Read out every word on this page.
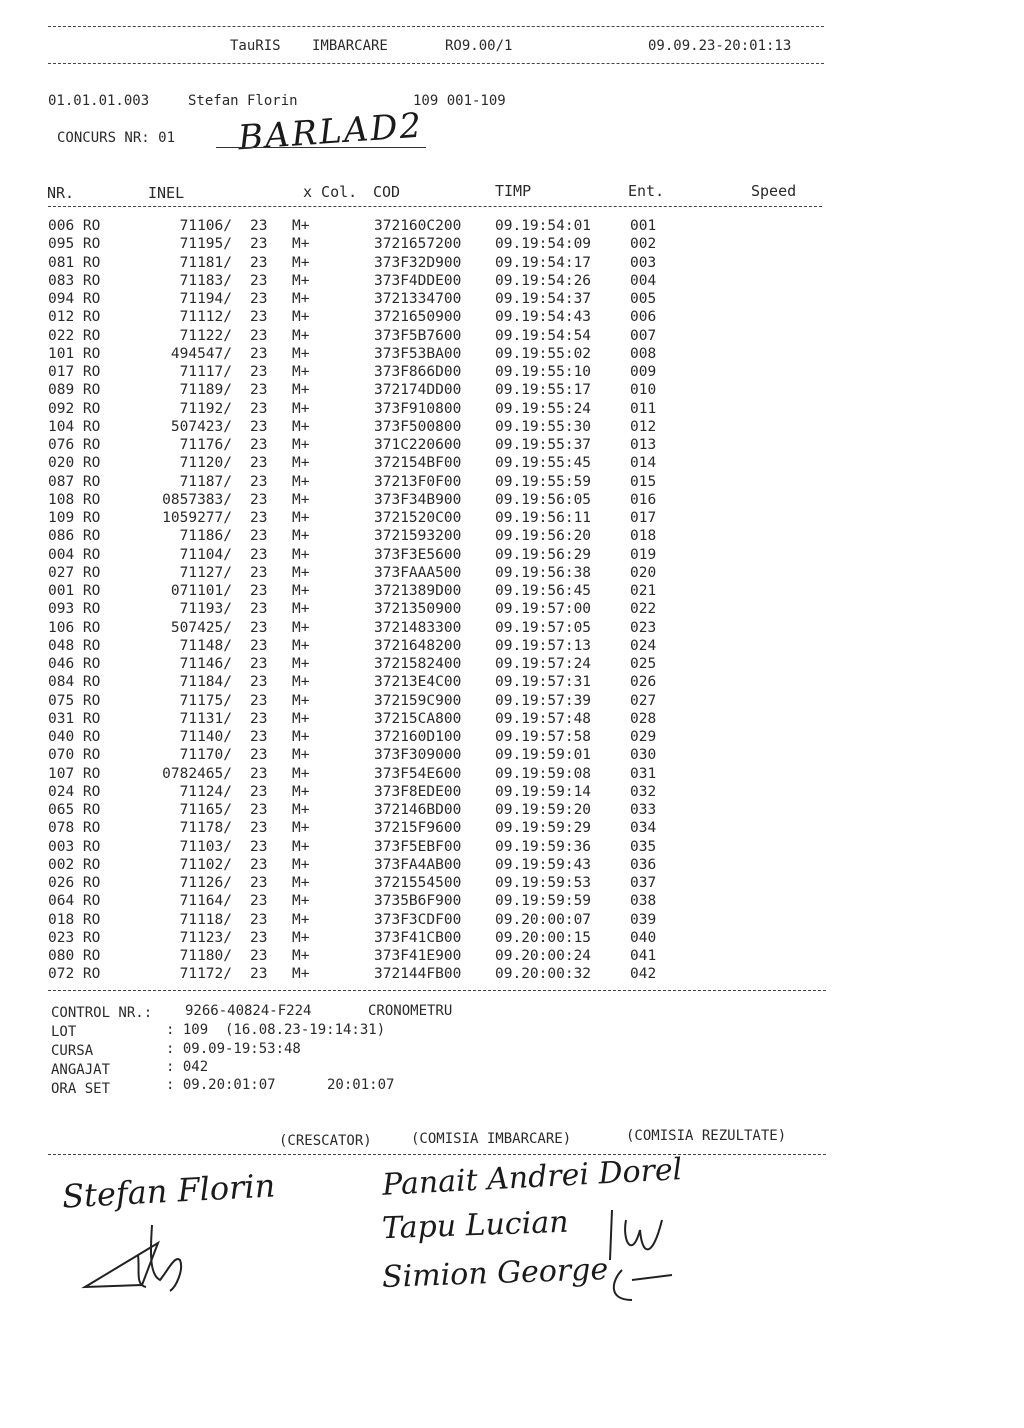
TauRIS IMBARCARE	RO9.00/1	09.09.23-20:01:13
01.01.01.003	Stefan Florin	109 001-109
CONCURS NR: 01 BARLAD2
NR.	INEL	x Col. COD	TIMP	Ent.	Speed
006 RO	71106/ 23 M+	372160C200 09.19:54:01	001
095 RO	71195/ 23 M+	3721657200 09.19:54:09	002
081 RO	71181/ 23 M+	373F32D900 09.19:54:17	003
083 RO	71183/ 23 M+	373F4DDE00 09.19:54:26	004
094 RO	71194/ 23 M+	3721334700 09.19:54:37	005
012 RO	71112/ 23 M+	3721650900 09.19:54:43	006
022 RO	71122/ 23 M+	373F5B7600 09.19:54:54	007
101 RO	494547/ 23 M+	373F53BA00 09.19:55:02	008
017 RO	71117/ 23 M+	373F866D00 09.19:55:10	009
089 RO	71189/ 23 M+	372174DD00 09.19:55:17	010
092 RO	71192/ 23 M+	373F910800 09.19:55:24	011
104 RO	507423/ 23 M+	373F500800 09.19:55:30	012
076 RO	71176/ 23 M+	371C220600 09.19:55:37	013
020 RO	71120/ 23 M+	372154BF00 09.19:55:45	014
087 RO	71187/ 23 M+	37213F0F00 09.19:55:59	015
108 RO	0857383/ 23 M+	373F34B900 09.19:56:05	016
109 RO	1059277/ 23 M+	3721520C00 09.19:56:11	017
086 RO	71186/ 23 M+	3721593200 09.19:56:20	018
004 RO	71104/ 23 M+	373F3E5600 09.19:56:29	019
027 RO	71127/ 23 M+	373FAAA500 09.19:56:38	020
001 RO	071101/ 23 M+	3721389D00 09.19:56:45	021
093 RO	71193/ 23 M+	3721350900 09.19:57:00	022
106 RO	507425/ 23 M+	3721483300 09.19:57:05	023
048 RO	71148/ 23 M+	3721648200 09.19:57:13	024
046 RO	71146/ 23 M+	3721582400 09.19:57:24	025
084 RO	71184/ 23 M+	37213E4C00 09.19:57:31	026
075 RO	71175/ 23 M+	372159C900 09.19:57:39	027
031 RO	71131/ 23 M+	37215CA800 09.19:57:48	028
040 RO	71140/ 23 M+	372160D100 09.19:57:58	029
070 RO	71170/ 23 M+	373F309000 09.19:59:01	030
107 RO	0782465/ 23 M+	373F54E600 09.19:59:08	031
024 RO	71124/ 23 M+	373F8EDE00 09.19:59:14	032
065 RO	71165/ 23 M+	372146BD00 09.19:59:20	033
078 RO	71178/ 23 M+	37215F9600 09.19:59:29	034
003 RO	71103/ 23 M+	373F5EBF00 09.19:59:36	035
002 RO	71102/ 23 M+	373FA4AB00 09.19:59:43	036
026 RO	71126/ 23 M+	3721554500 09.19:59:53	037
064 RO	71164/ 23 M+	3735B6F900 09.19:59:59	038
018 RO	71118/ 23 M+	373F3CDF00 09.20:00:07	039
023 RO	71123/ 23 M+	373F41CB00 09.20:00:15	040
080 RO	71180/ 23 M+	373F41E900 09.20:00:24	041
072 RO	71172/ 23 M+	372144FB00 09.20:00:32	042
CONTROL NR.: 9266-40824-F224	CRONOMETRU
LOT	: 109  (16.08.23-19:14:31)
CURSA	: 09.09-19:53:48
ANGAJAT	: 042
ORA SET	: 09.20:01:07	20:01:07
(CRESCATOR)	(COMISIA IMBARCARE)	(COMISIA REZULTATE)
Stefan Florin	Panait Andrei Dorel
Tapu Lucian
Simion George
